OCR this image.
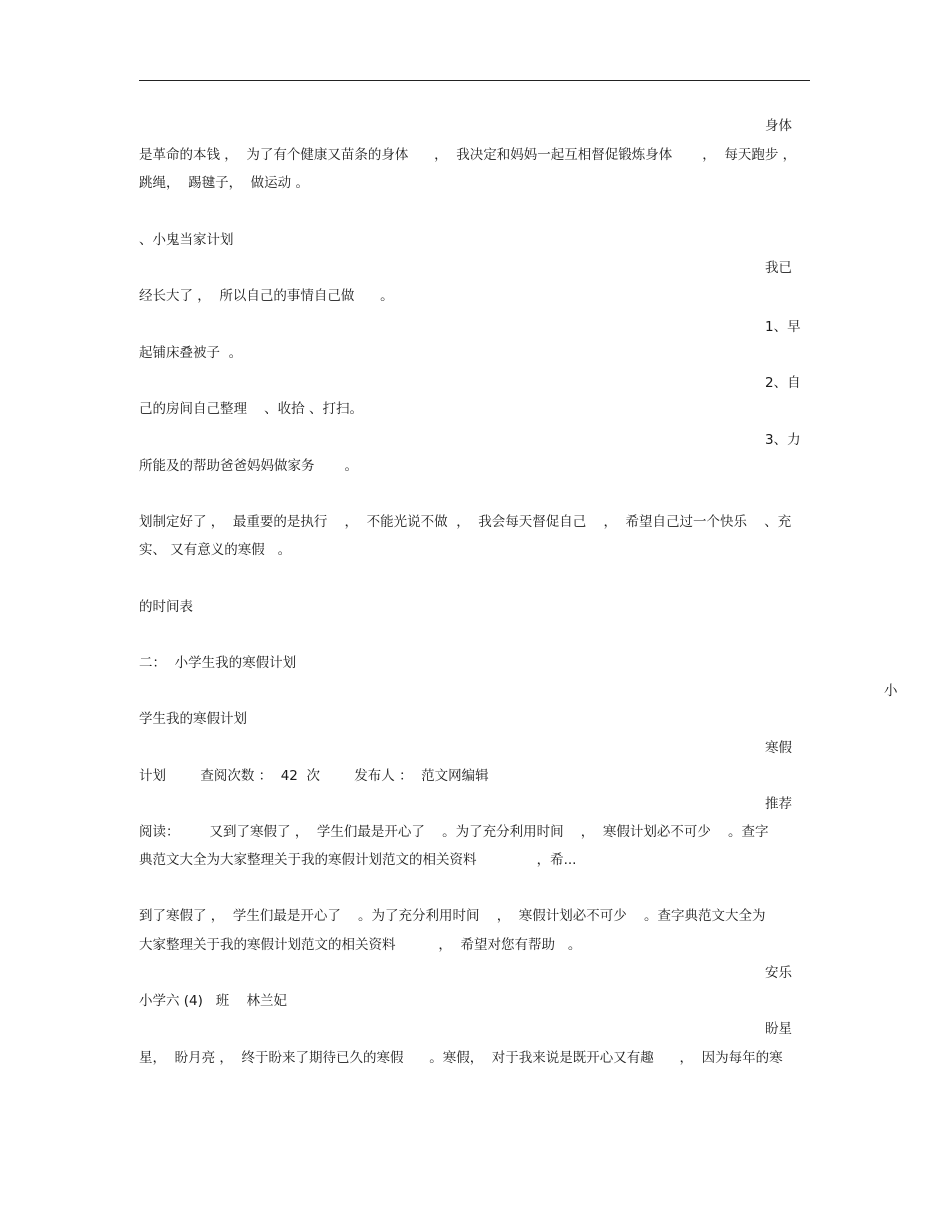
身体
是革命的本钱 ，  为了有个健康又苗条的身体      ，  我决定和妈妈一起互相督促锻炼身体       ，  每天跑步 ，
跳绳，  踢毽子，  做运动 。
、小鬼当家计划
我已
经长大了 ，  所以自己的事情自己做      。
1、早
起铺床叠被子  。
2、自
己的房间自己整理    、收拾 、打扫。
3、力
所能及的帮助爸爸妈妈做家务       。
划制定好了 ，  最重要的是执行    ，  不能光说不做  ，  我会每天督促自己    ，  希望自己过一个快乐    、充
实、 又有意义的寒假   。
的时间表
二：  小学生我的寒假计划
小
学生我的寒假计划
寒假
计划        查阅次数 ：  42  次        发布人 ：  范文网编辑
推荐
阅读：       又到了寒假了 ，  学生们最是开心了    。为了充分利用时间    ，  寒假计划必不可少    。查字
典范文大全为大家整理关于我的寒假计划范文的相关资料              ，希...
到了寒假了 ，  学生们最是开心了    。为了充分利用时间    ，  寒假计划必不可少    。查字典范文大全为
大家整理关于我的寒假计划范文的相关资料          ，  希望对您有帮助   。
安乐
小学六 (4)   班    林兰妃
盼星
星，  盼月亮 ，  终于盼来了期待已久的寒假      。寒假，  对于我来说是既开心又有趣      ，  因为每年的寒
